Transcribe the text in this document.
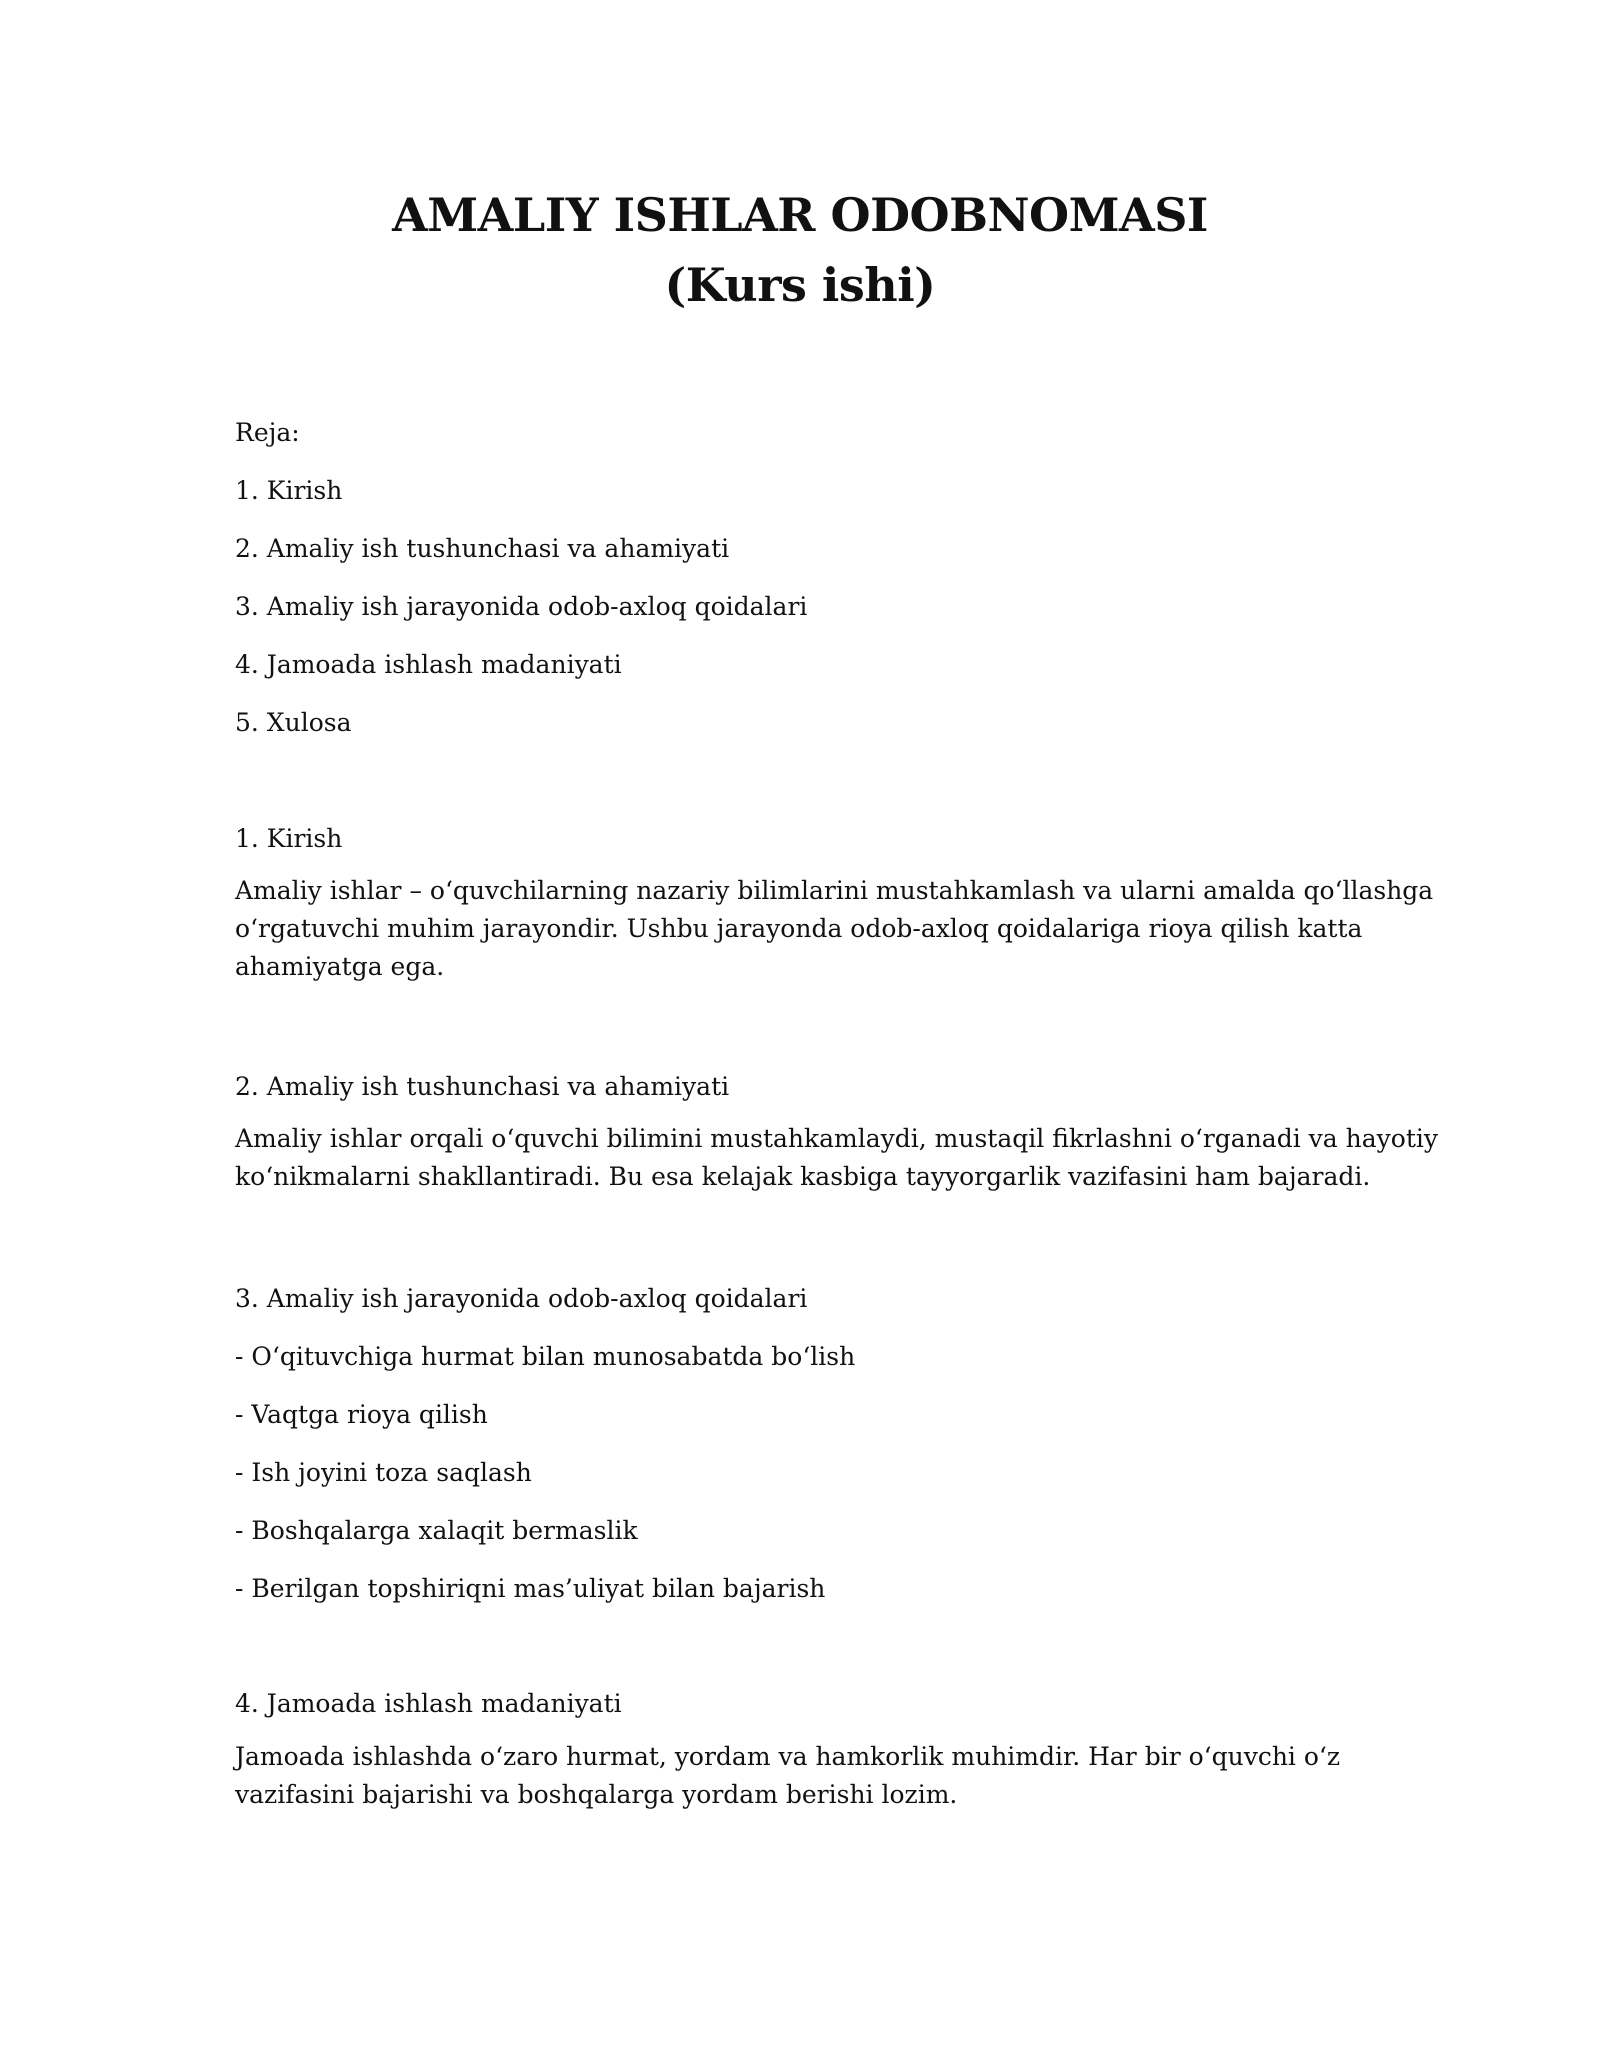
AMALIY ISHLAR ODOBNOMASI
(Kurs ishi)
Reja:
1. Kirish
2. Amaliy ish tushunchasi va ahamiyati
3. Amaliy ish jarayonida odob-axloq qoidalari
4. Jamoada ishlash madaniyati
5. Xulosa
1. Kirish
Amaliy ishlar – o‘quvchilarning nazariy bilimlarini mustahkamlash va ularni amalda qo‘llashga
o‘rgatuvchi muhim jarayondir. Ushbu jarayonda odob-axloq qoidalariga rioya qilish katta
ahamiyatga ega.
2. Amaliy ish tushunchasi va ahamiyati
Amaliy ishlar orqali o‘quvchi bilimini mustahkamlaydi, mustaqil fikrlashni o‘rganadi va hayotiy
ko‘nikmalarni shakllantiradi. Bu esa kelajak kasbiga tayyorgarlik vazifasini ham bajaradi.
3. Amaliy ish jarayonida odob-axloq qoidalari
- O‘qituvchiga hurmat bilan munosabatda bo‘lish
- Vaqtga rioya qilish
- Ish joyini toza saqlash
- Boshqalarga xalaqit bermaslik
- Berilgan topshiriqni mas’uliyat bilan bajarish
4. Jamoada ishlash madaniyati
Jamoada ishlashda o‘zaro hurmat, yordam va hamkorlik muhimdir. Har bir o‘quvchi o‘z
vazifasini bajarishi va boshqalarga yordam berishi lozim.
